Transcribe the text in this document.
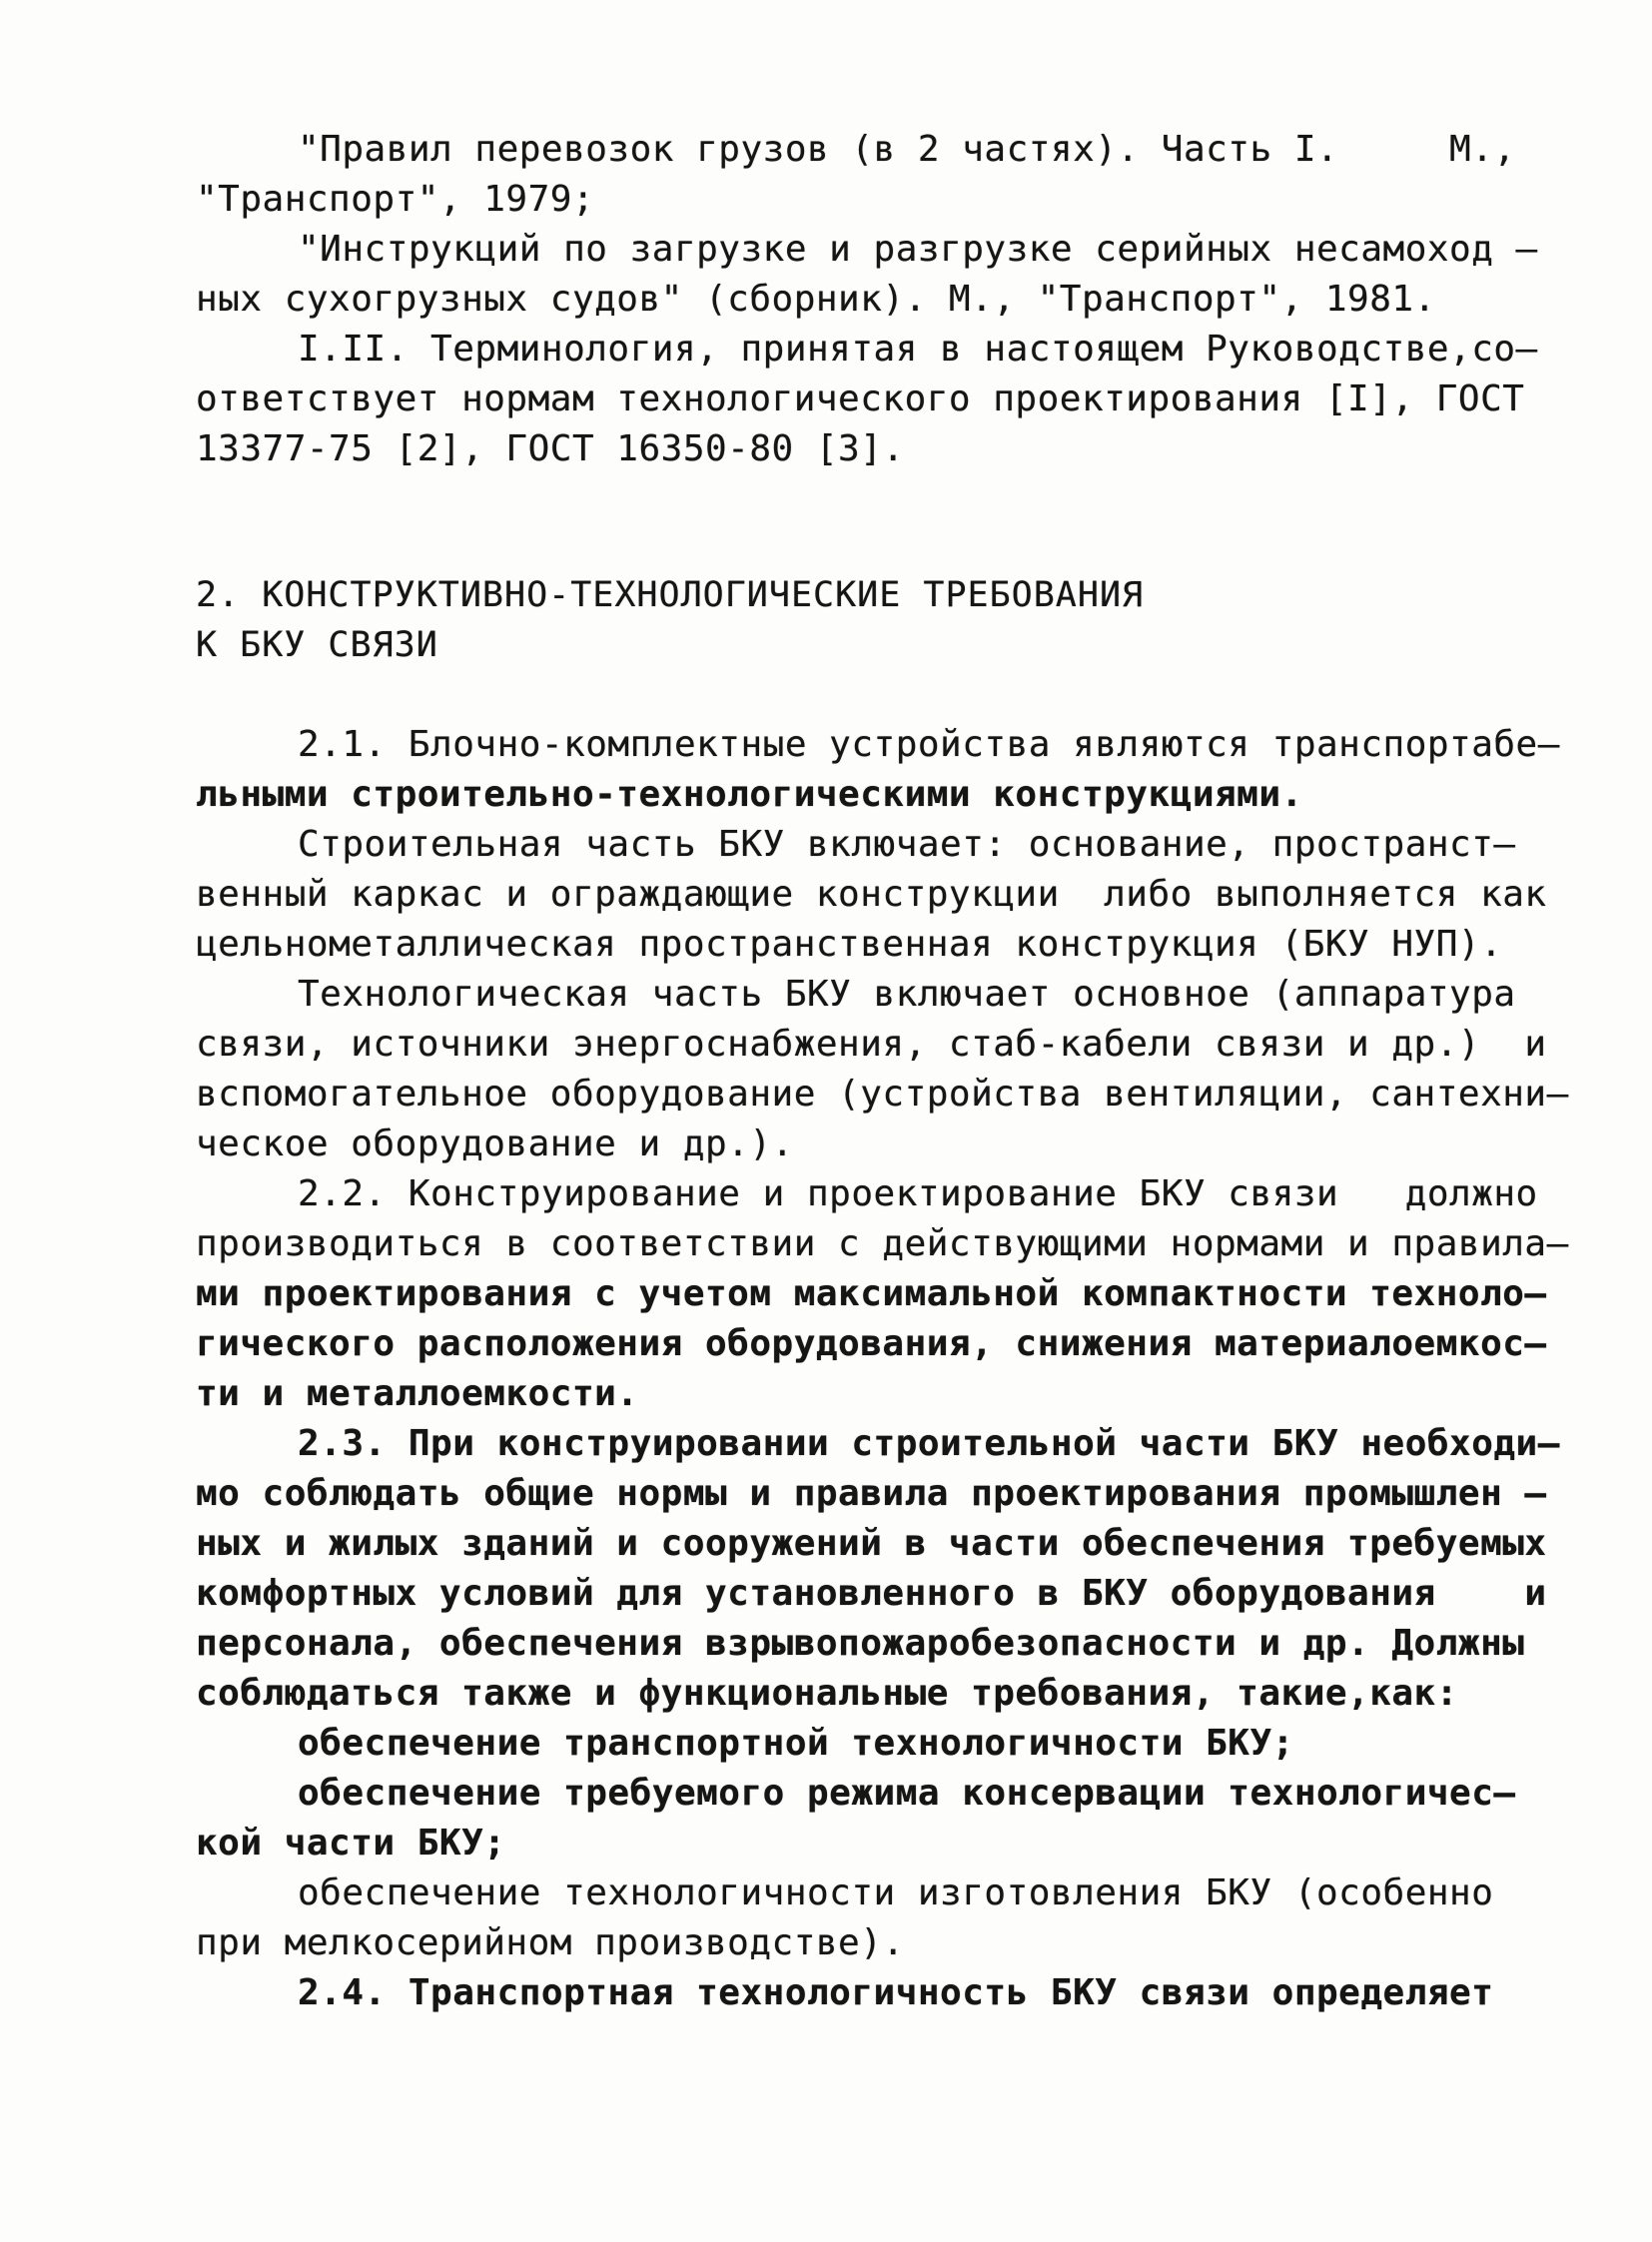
"Правил перевозок грузов (в 2 частях). Часть I.     М.,
"Транспорт", 1979;
"Инструкций по загрузке и разгрузке серийных несамоход –
ных сухогрузных судов" (сборник). М., "Транспорт", 1981.
I.II. Терминология, принятая в настоящем Руководстве,со–
ответствует нормам технологического проектирования [I], ГОСТ
13377-75 [2], ГОСТ 16350-80 [3].
2. КОНСТРУКТИВНО-ТЕХНОЛОГИЧЕСКИЕ ТРЕБОВАНИЯ
К БКУ СВЯЗИ
2.1. Блочно-комплектные устройства являются транспортабе–
льными строительно-технологическими конструкциями.
Строительная часть БКУ включает: основание, пространст–
венный каркас и ограждающие конструкции  либо выполняется как
цельнометаллическая пространственная конструкция (БКУ НУП).
Технологическая часть БКУ включает основное (аппаратура
связи, источники энергоснабжения, стаб-кабели связи и др.)  и
вспомогательное оборудование (устройства вентиляции, сантехни–
ческое оборудование и др.).
2.2. Конструирование и проектирование БКУ связи   должно
производиться в соответствии с действующими нормами и правила–
ми проектирования с учетом максимальной компактности техноло–
гического расположения оборудования, снижения материалоемкос–
ти и металлоемкости.
2.3. При конструировании строительной части БКУ необходи–
мо соблюдать общие нормы и правила проектирования промышлен –
ных и жилых зданий и сооружений в части обеспечения требуемых
комфортных условий для установленного в БКУ оборудования    и
персонала, обеспечения взрывопожаробезопасности и др. Должны
соблюдаться также и функциональные требования, такие,как:
обеспечение транспортной технологичности БКУ;
обеспечение требуемого режима консервации технологичес–
кой части БКУ;
обеспечение технологичности изготовления БКУ (особенно
при мелкосерийном производстве).
2.4. Транспортная технологичность БКУ связи определяет
